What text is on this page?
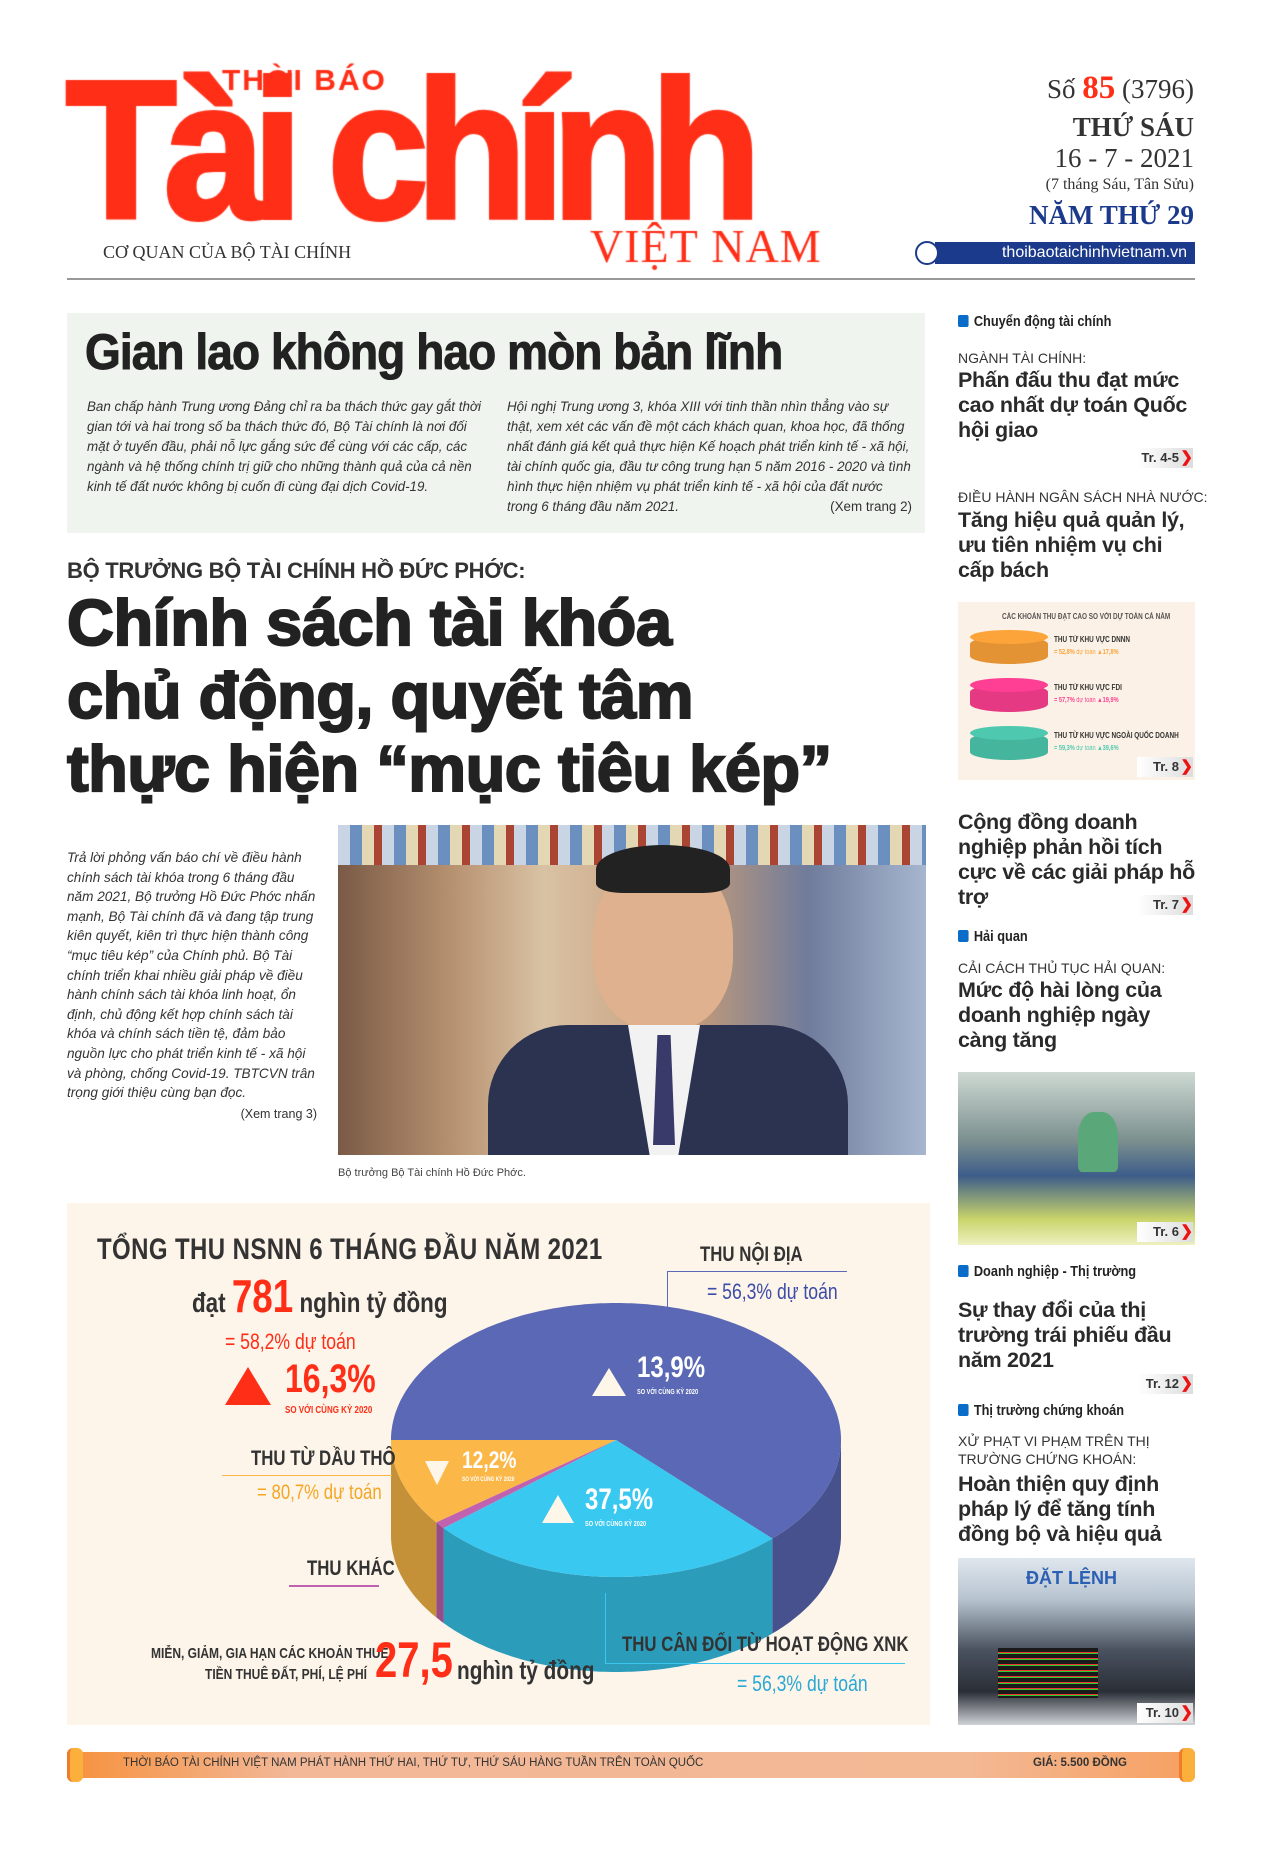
CƠ QUAN CỦA BỘ TÀI CHÍNH
Số 85 (3796)
THỨ SÁU
16 - 7 - 2021
(7 tháng Sáu, Tân Sửu)
NĂM THỨ 29
thoibaotaichinhvietnam.vn
Gian lao không hao mòn bản lĩnh

Ban chấp hành Trung ương Đảng chỉ ra ba thách thức gay gắt thời gian tới và hai trong số ba thách thức đó, Bộ Tài chính là nơi đối mặt ở tuyến đầu, phải nỗ lực gắng sức để cùng với các cấp, các ngành và hệ thống chính trị giữ cho những thành quả của cả nền kinh tế đất nước không bị cuốn đi cùng đại dịch Covid-19.

Hội nghị Trung ương 3, khóa XIII với tinh thần nhìn thẳng vào sự thật, xem xét các vấn đề một cách khách quan, khoa học, đã thống nhất đánh giá kết quả thực hiện Kế hoạch phát triển kinh tế - xã hội, tài chính quốc gia, đầu tư công trung hạn 5 năm 2016 - 2020 và tình hình thực hiện nhiệm vụ phát triển kinh tế - xã hội của đất nước trong 6 tháng đầu năm 2021.	(Xem trang 2)

BỘ TRƯỞNG BỘ TÀI CHÍNH HỒ ĐỨC PHỚC:
Chính sách tài khóa
chủ động, quyết tâm
thực hiện “mục tiêu kép”

Trả lời phỏng vấn báo chí về điều hành chính sách tài khóa trong 6 tháng đầu năm 2021, Bộ trưởng Hồ Đức Phớc nhấn mạnh, Bộ Tài chính đã và đang tập trung kiên quyết, kiên trì thực hiện thành công “mục tiêu kép” của Chính phủ. Bộ Tài chính triển khai nhiều giải pháp về điều hành chính sách tài khóa linh hoạt, ổn định, chủ động kết hợp chính sách tài khóa và chính sách tiền tệ, đảm bảo nguồn lực cho phát triển kinh tế - xã hội và phòng, chống Covid-19. TBTCVN trân trọng giới thiệu cùng bạn đọc.

(Xem trang 3)
Bộ trưởng Bộ Tài chính Hồ Đức Phớc.
TỔNG THU NSNN 6 THÁNG ĐẦU NĂM 2021
đạt 781 nghìn tỷ đồng
= 58,2% dự toán
16,3%
SO VỚI CÙNG KỲ 2020
THU NỘI ĐỊA
= 56,3% dự toán
THU TỪ DẦU THÔ
= 80,7% dự toán
THU KHÁC
THU CÂN ĐỐI TỪ HOẠT ĐỘNG XNK
= 56,3% dự toán
13,9%
SO VỚI CÙNG KỲ 2020
12,2%
SO VỚI CÙNG KỲ 2020
37,5%
SO VỚI CÙNG KỲ 2020
MIỄN, GIẢM, GIA HẠN CÁC KHOẢN THUẾ,
TIỀN THUÊ ĐẤT, PHÍ, LỆ PHÍ 27,5 nghìn tỷ đồng
Chuyển động tài chính
NGÀNH TÀI CHÍNH:
Phấn đấu thu đạt mức cao nhất dự toán Quốc hội giao
Tr. 4-5 ❯
ĐIỀU HÀNH NGÂN SÁCH NHÀ NƯỚC:
Tăng hiệu quả quản lý, ưu tiên nhiệm vụ chi cấp bách
CÁC KHOẢN THU ĐẠT CAO SO VỚI DỰ TOÁN CẢ NĂM
THU TỪ KHU VỰC DNNN
= 52,8% dự toán ▲17,8%
THU TỪ KHU VỰC FDI
= 57,7% dự toán ▲19,9%
THU TỪ KHU VỰC NGOÀI QUỐC DOANH
= 59,3% dự toán ▲39,6%
Tr. 8 ❯
Cộng đồng doanh nghiệp phản hồi tích cực về các giải pháp hỗ trợ	Tr. 7 ❯
Hải quan
CẢI CÁCH THỦ TỤC HẢI QUAN:
Mức độ hài lòng của doanh nghiệp ngày càng tăng
Tr. 6 ❯
Doanh nghiệp - Thị trường
Sự thay đổi của thị trường trái phiếu đầu năm 2021
Tr. 12 ❯
Thị trường chứng khoán
XỬ PHẠT VI PHẠM TRÊN THỊ TRƯỜNG CHỨNG KHOÁN:
Hoàn thiện quy định pháp lý để tăng tính đồng bộ và hiệu quả
ĐẶT LỆNH
Tr. 10 ❯
THỜI BÁO TÀI CHÍNH VIỆT NAM PHÁT HÀNH THỨ HAI, THỨ TƯ, THỨ SÁU HÀNG TUẦN TRÊN TOÀN QUỐC	GIÁ: 5.500 ĐỒNG
